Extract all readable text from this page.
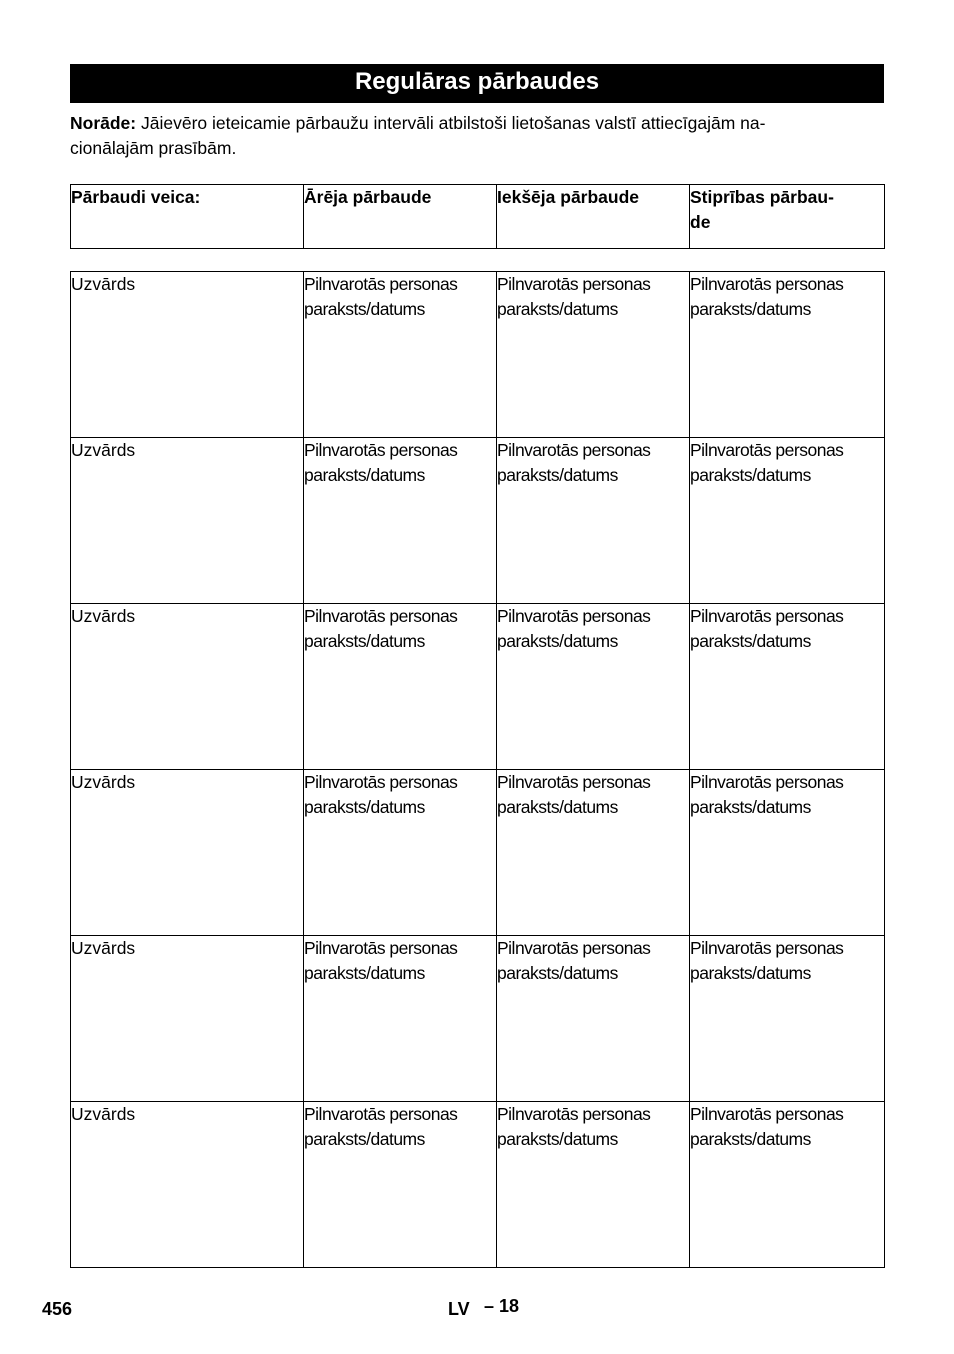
Regulāras pārbaudes
Norāde: Jāievēro ieteicamie pārbaužu intervāli atbilstoši lietošanas valstī attiecīgajām na-
cionālajām prasībām.
Pārbaudi veica:	Ārēja pārbaude	Iekšēja pārbaude	Stiprības pārbau-
de
Uzvārds	Pilnvarotās personas
paraksts/datums	Pilnvarotās personas
paraksts/datums	Pilnvarotās personas
paraksts/datums

Uzvārds	Pilnvarotās personas
paraksts/datums	Pilnvarotās personas
paraksts/datums	Pilnvarotās personas
paraksts/datums

Uzvārds	Pilnvarotās personas
paraksts/datums	Pilnvarotās personas
paraksts/datums	Pilnvarotās personas
paraksts/datums

Uzvārds	Pilnvarotās personas
paraksts/datums	Pilnvarotās personas
paraksts/datums	Pilnvarotās personas
paraksts/datums

Uzvārds	Pilnvarotās personas
paraksts/datums	Pilnvarotās personas
paraksts/datums	Pilnvarotās personas
paraksts/datums

Uzvārds	Pilnvarotās personas
paraksts/datums	Pilnvarotās personas
paraksts/datums	Pilnvarotās personas
paraksts/datums
456	LV – 18
